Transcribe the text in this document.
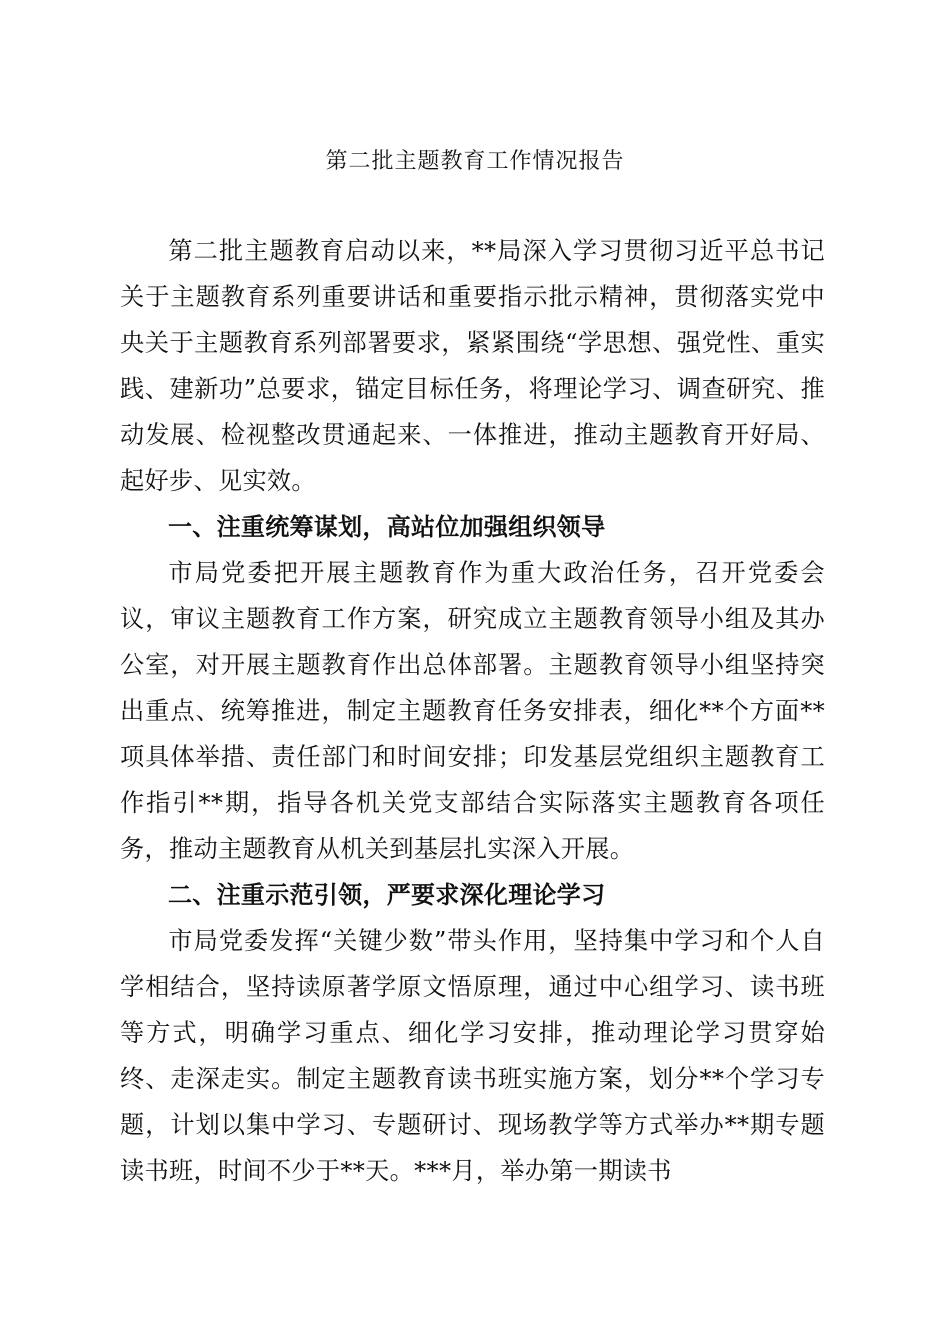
第二批主题教育工作情况报告

第二批主题教育启动以来，**局深入学习贯彻习近平总书记关于主题教育系列重要讲话和重要指示批示精神，贯彻落实党中央关于主题教育系列部署要求，紧紧围绕“学思想、强党性、重实践、建新功”总要求，锚定目标任务，将理论学习、调查研究、推动发展、检视整改贯通起来、一体推进，推动主题教育开好局、起好步、见实效。

一、注重统筹谋划，高站位加强组织领导

市局党委把开展主题教育作为重大政治任务，召开党委会议，审议主题教育工作方案，研究成立主题教育领导小组及其办公室，对开展主题教育作出总体部署。主题教育领导小组坚持突出重点、统筹推进，制定主题教育任务安排表，细化**个方面**项具体举措、责任部门和时间安排；印发基层党组织主题教育工作指引**期，指导各机关党支部结合实际落实主题教育各项任务，推动主题教育从机关到基层扎实深入开展。

二、注重示范引领，严要求深化理论学习

市局党委发挥“关键少数”带头作用，坚持集中学习和个人自学相结合，坚持读原著学原文悟原理，通过中心组学习、读书班等方式，明确学习重点、细化学习安排，推动理论学习贯穿始终、走深走实。制定主题教育读书班实施方案，划分**个学习专题，计划以集中学习、专题研讨、现场教学等方式举办**期专题读书班，时间不少于**天。***月，举办第一期读书
